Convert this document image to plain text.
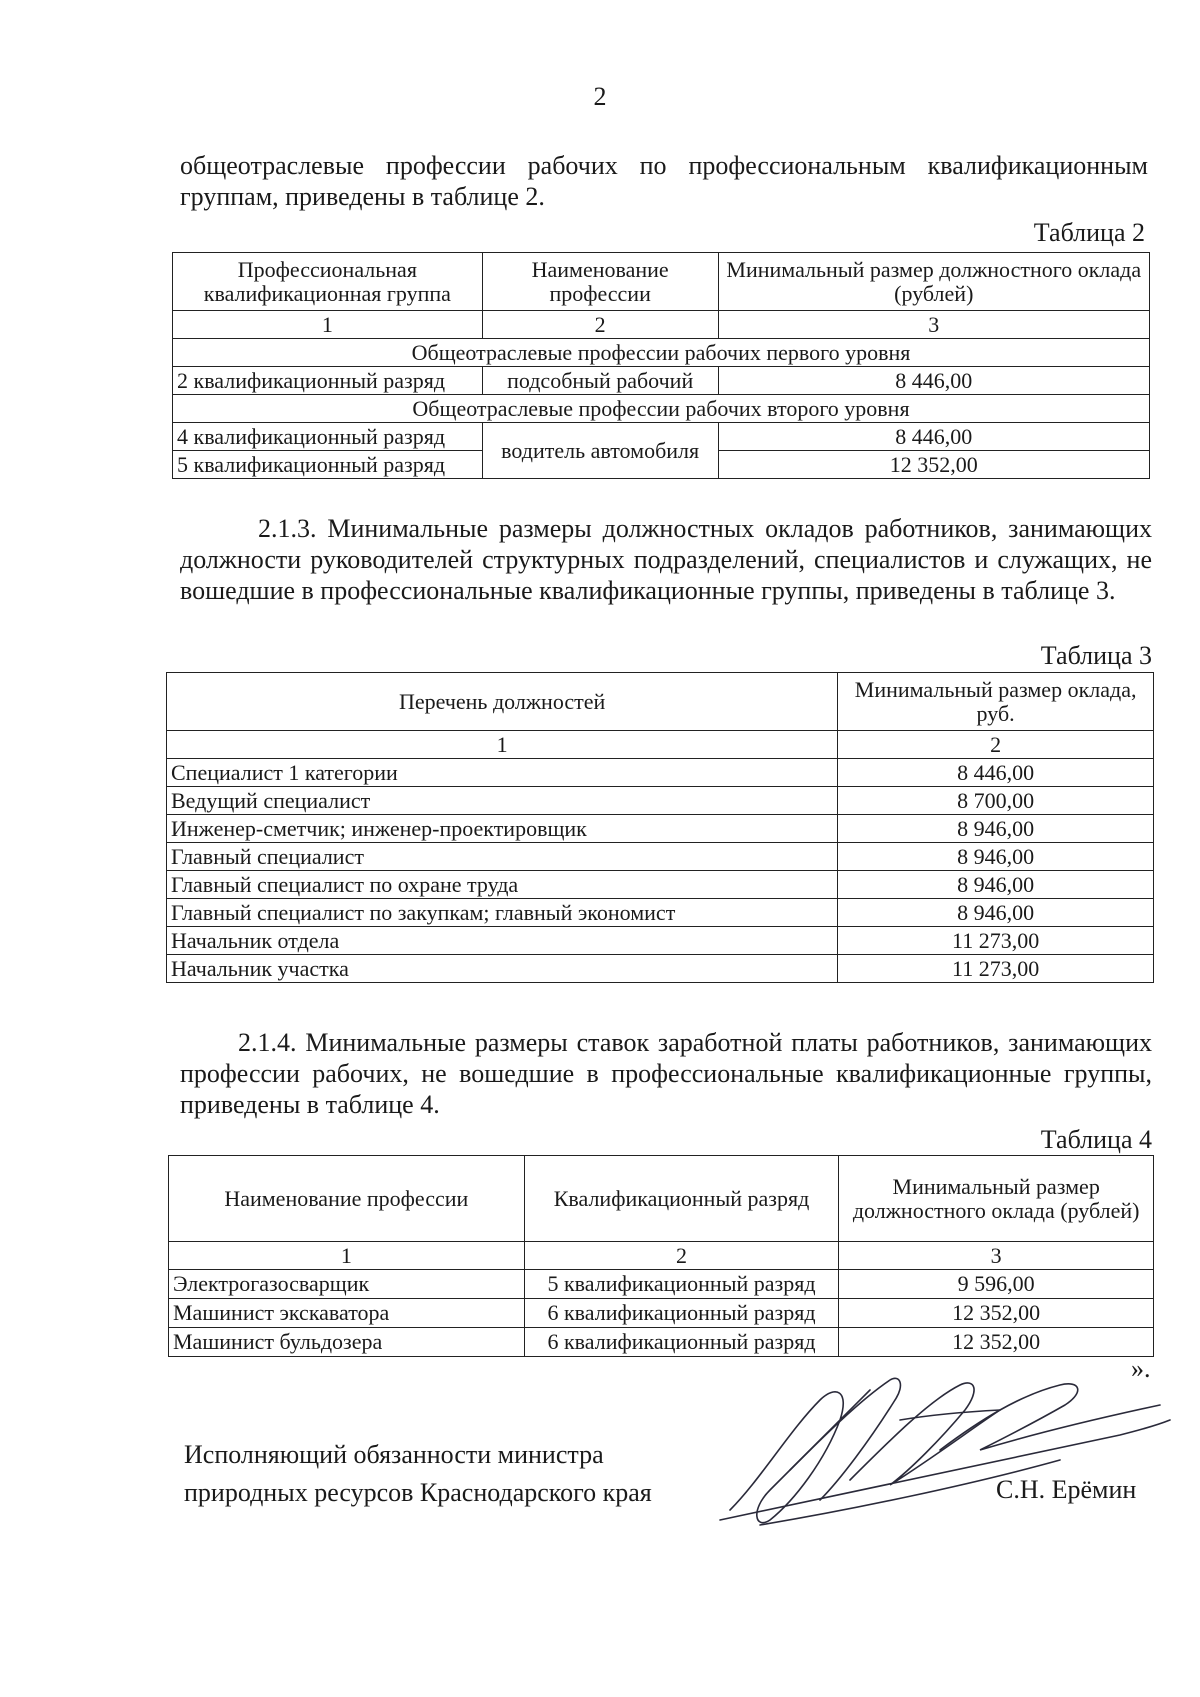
2
общеотраслевые профессии рабочих по профессиональным квалификационным группам, приведены в таблице 2.
Таблица 2
Профессиональная квалификационная группа	Наименование профессии	Минимальный размер должностного оклада (рублей)
1	2	3
Общеотраслевые профессии рабочих первого уровня		
2 квалификационный разряд	подсобный рабочий	8 446,00
Общеотраслевые профессии рабочих второго уровня		
4 квалификационный разряд	водитель автомобиля	8 446,00
5 квалификационный разряд		12 352,00
2.1.3. Минимальные размеры должностных окладов работников, занимающих должности руководителей структурных подразделений, специалистов и служащих, не вошедшие в профессиональные квалификационные группы, приведены в таблице 3.
Таблица 3
Перечень должностей	Минимальный размер оклада, руб.
1	2
Специалист 1 категории	8 446,00
Ведущий специалист	8 700,00
Инженер-сметчик; инженер-проектировщик	8 946,00
Главный специалист	8 946,00
Главный специалист по охране труда	8 946,00
Главный специалист по закупкам; главный экономист	8 946,00
Начальник отдела	11 273,00
Начальник участка	11 273,00
2.1.4. Минимальные размеры ставок заработной платы работников, занимающих профессии рабочих, не вошедшие в профессиональные квалификационные группы, приведены в таблице 4.
Таблица 4
Наименование профессии	Квалификационный разряд	Минимальный размер должностного оклада (рублей)
1	2	3
Электрогазосварщик	5 квалификационный разряд	9 596,00
Машинист экскаватора	6 квалификационный разряд	12 352,00
Машинист бульдозера	6 квалификационный разряд	12 352,00
».
Исполняющий обязанности министра
природных ресурсов Краснодарского края	С.Н. Ерёмин
